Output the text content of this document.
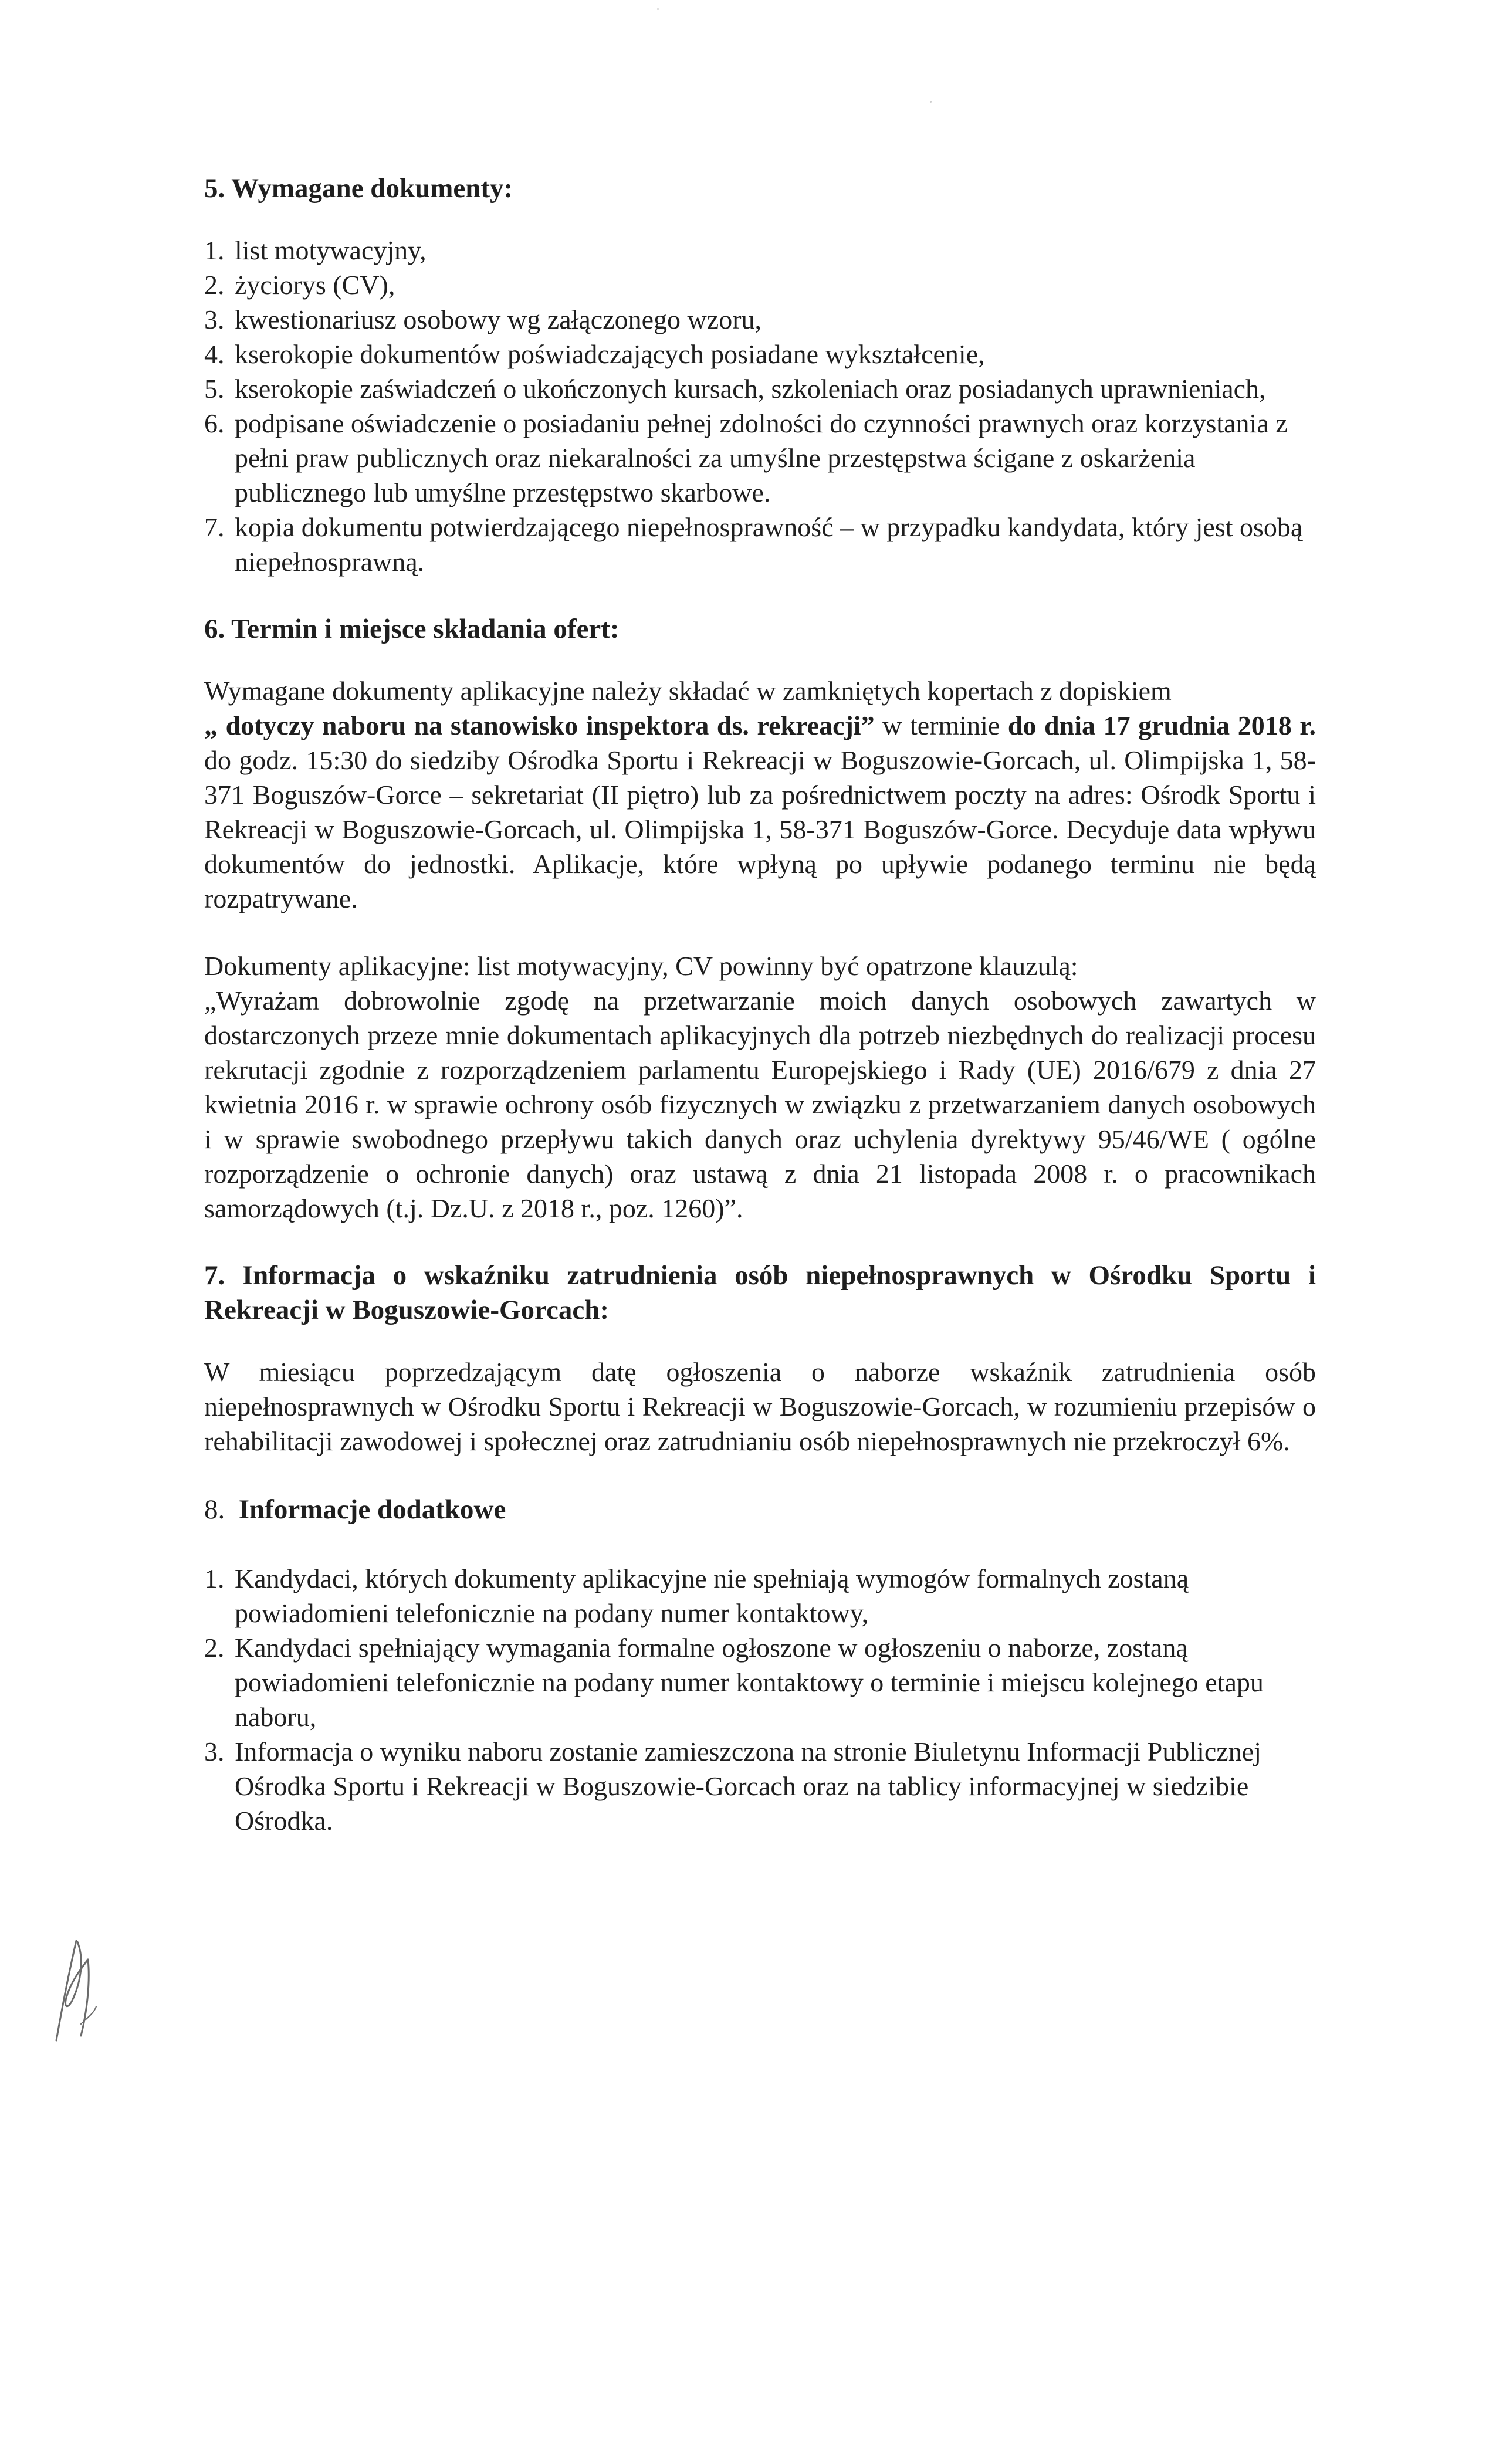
5. Wymagane dokumenty:
1. list motywacyjny,
2. życiorys (CV),
3. kwestionariusz osobowy wg załączonego wzoru,
4. kserokopie dokumentów poświadczających posiadane wykształcenie,
5. kserokopie zaświadczeń o ukończonych kursach, szkoleniach oraz posiadanych uprawnieniach,
6. podpisane oświadczenie o posiadaniu pełnej zdolności do czynności prawnych oraz korzystania z pełni praw publicznych oraz niekaralności za umyślne przestępstwa ścigane z oskarżenia publicznego lub umyślne przestępstwo skarbowe.
7. kopia dokumentu potwierdzającego niepełnosprawność – w przypadku kandydata, który jest osobą niepełnosprawną.
6. Termin i miejsce składania ofert:

Wymagane dokumenty aplikacyjne należy składać w zamkniętych kopertach z dopiskiem
„ dotyczy naboru na stanowisko inspektora ds. rekreacji” w terminie do dnia 17 grudnia 2018 r. do godz. 15:30 do siedziby Ośrodka Sportu i Rekreacji w Boguszowie-Gorcach, ul. Olimpijska 1, 58-371 Boguszów-Gorce – sekretariat (II piętro) lub za pośrednictwem poczty na adres: Ośrodk Sportu i Rekreacji w Boguszowie-Gorcach, ul. Olimpijska 1, 58-371 Boguszów-Gorce. Decyduje data wpływu dokumentów do jednostki. Aplikacje, które wpłyną po upływie podanego terminu nie będą rozpatrywane.

Dokumenty aplikacyjne: list motywacyjny, CV powinny być opatrzone klauzulą:

„Wyrażam dobrowolnie zgodę na przetwarzanie moich danych osobowych zawartych w dostarczonych przeze mnie dokumentach aplikacyjnych dla potrzeb niezbędnych do realizacji procesu rekrutacji zgodnie z rozporządzeniem parlamentu Europejskiego i Rady (UE) 2016/679 z dnia 27 kwietnia 2016 r. w sprawie ochrony osób fizycznych w związku z przetwarzaniem danych osobowych i w sprawie swobodnego przepływu takich danych oraz uchylenia dyrektywy 95/46/WE ( ogólne rozporządzenie o ochronie danych) oraz ustawą z dnia 21 listopada 2008 r. o pracownikach samorządowych (t.j. Dz.U. z 2018 r., poz. 1260)”.

7. Informacja o wskaźniku zatrudnienia osób niepełnosprawnych w Ośrodku Sportu i Rekreacji w Boguszowie-Gorcach:

W miesiącu poprzedzającym datę ogłoszenia o naborze wskaźnik zatrudnienia osób niepełnosprawnych w Ośrodku Sportu i Rekreacji w Boguszowie-Gorcach, w rozumieniu przepisów o rehabilitacji zawodowej i społecznej oraz zatrudnianiu osób niepełnosprawnych nie przekroczył 6%.

8. Informacje dodatkowe
1. Kandydaci, których dokumenty aplikacyjne nie spełniają wymogów formalnych zostaną powiadomieni telefonicznie na podany numer kontaktowy,
2. Kandydaci spełniający wymagania formalne ogłoszone w ogłoszeniu o naborze, zostaną powiadomieni telefonicznie na podany numer kontaktowy o terminie i miejscu kolejnego etapu naboru,
3. Informacja o wyniku naboru zostanie zamieszczona na stronie Biuletynu Informacji Publicznej Ośrodka Sportu i Rekreacji w Boguszowie-Gorcach oraz na tablicy informacyjnej w siedzibie Ośrodka.
